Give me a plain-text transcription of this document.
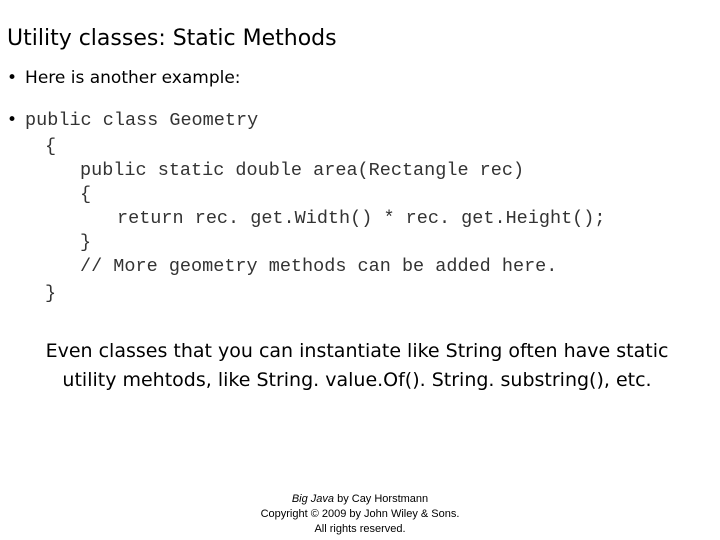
Utility classes: Static Methods
• Here is another example:
• public class Geometry
{
public static double area(Rectangle rec)
{
return rec. get.Width() * rec. get.Height();
}
// More geometry methods can be added here.
}
Even classes that you can instantiate like String often have static
utility mehtods, like String. value.Of(). String. substring(), etc.
Big Java by Cay Horstmann
Copyright © 2009 by John Wiley & Sons.
All rights reserved.
